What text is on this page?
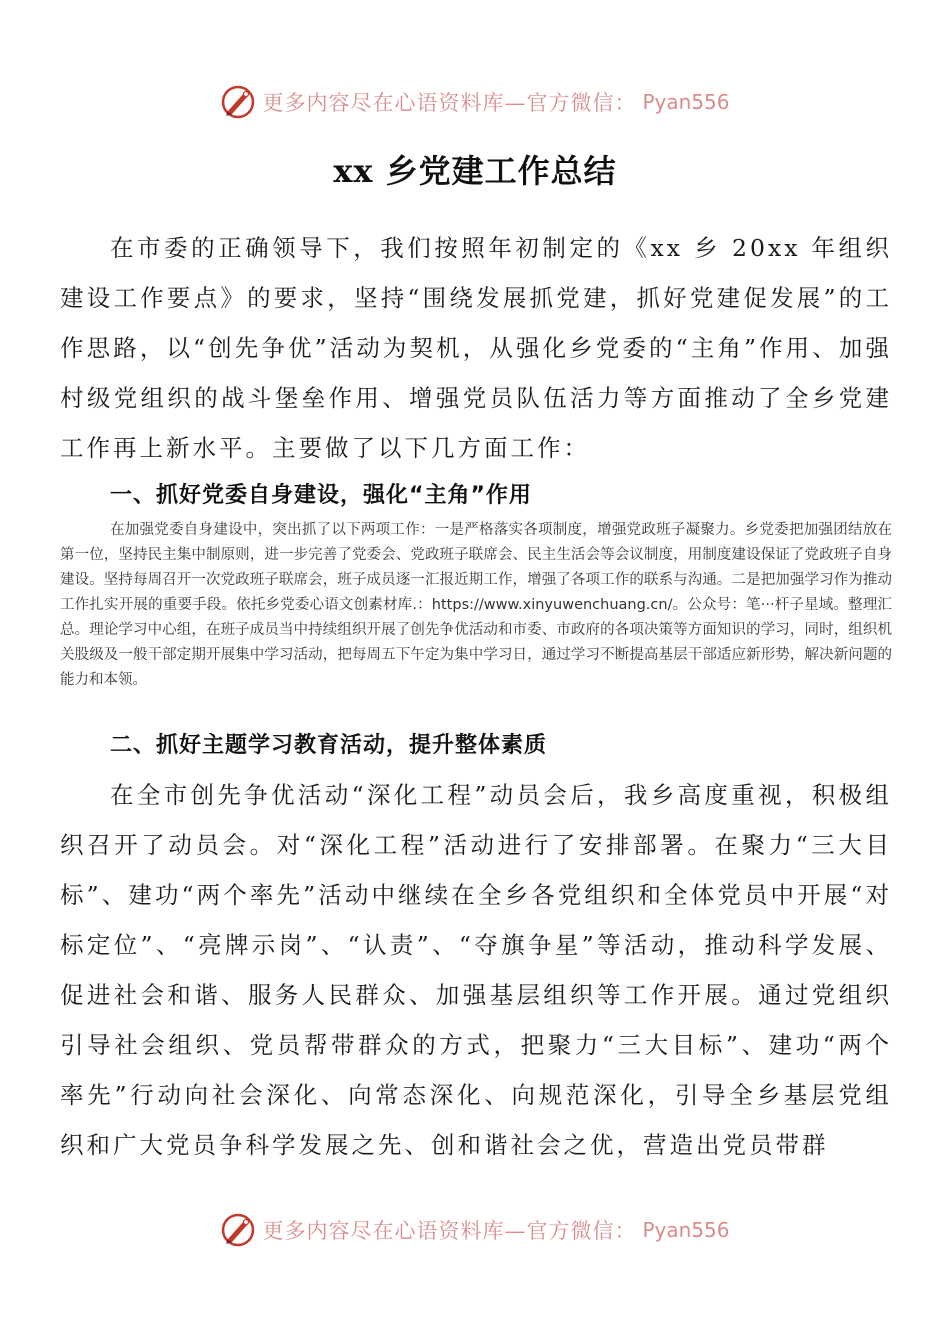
更多内容尽在心语资料库—官方微信： Pyan556
xx 乡党建工作总结

在市委的正确领导下，我们按照年初制定的《xx 乡 20xx 年组织建设工作要点》的要求，坚持“围绕发展抓党建，抓好党建促发展”的工作思路，以“创先争优”活动为契机，从强化乡党委的“主角”作用、加强村级党组织的战斗堡垒作用、增强党员队伍活力等方面推动了全乡党建工作再上新水平。主要做了以下几方面工作：

一、抓好党委自身建设，强化“主角”作用

在加强党委自身建设中，突出抓了以下两项工作：一是严格落实各项制度，增强党政班子凝聚力。乡党委把加强团结放在第一位，坚持民主集中制原则，进一步完善了党委会、党政班子联席会、民主生活会等会议制度，用制度建设保证了党政班子自身建设。坚持每周召开一次党政班子联席会，班子成员逐一汇报近期工作，增强了各项工作的联系与沟通。二是把加强学习作为推动工作扎实开展的重要手段。依托乡党委心语文创素材库.：https://www.xinyuwenchuang.cn/。公众号：笔···杆子星域。整理汇总。理论学习中心组，在班子成员当中持续组织开展了创先争优活动和市委、市政府的各项决策等方面知识的学习，同时，组织机关股级及一般干部定期开展集中学习活动，把每周五下午定为集中学习日，通过学习不断提高基层干部适应新形势，解决新问题的能力和本领。

二、抓好主题学习教育活动，提升整体素质

在全市创先争优活动“深化工程”动员会后，我乡高度重视，积极组织召开了动员会。对“深化工程”活动进行了安排部署。在聚力“三大目标”、建功“两个率先”活动中继续在全乡各党组织和全体党员中开展“对标定位”、“亮牌示岗”、“认责”、“夺旗争星”等活动，推动科学发展、促进社会和谐、服务人民群众、加强基层组织等工作开展。通过党组织引导社会组织、党员帮带群众的方式，把聚力“三大目标”、建功“两个率先”行动向社会深化、向常态深化、向规范深化，引导全乡基层党组织和广大党员争科学发展之先、创和谐社会之优，营造出党员带群

更多内容尽在心语资料库—官方微信： Pyan556
